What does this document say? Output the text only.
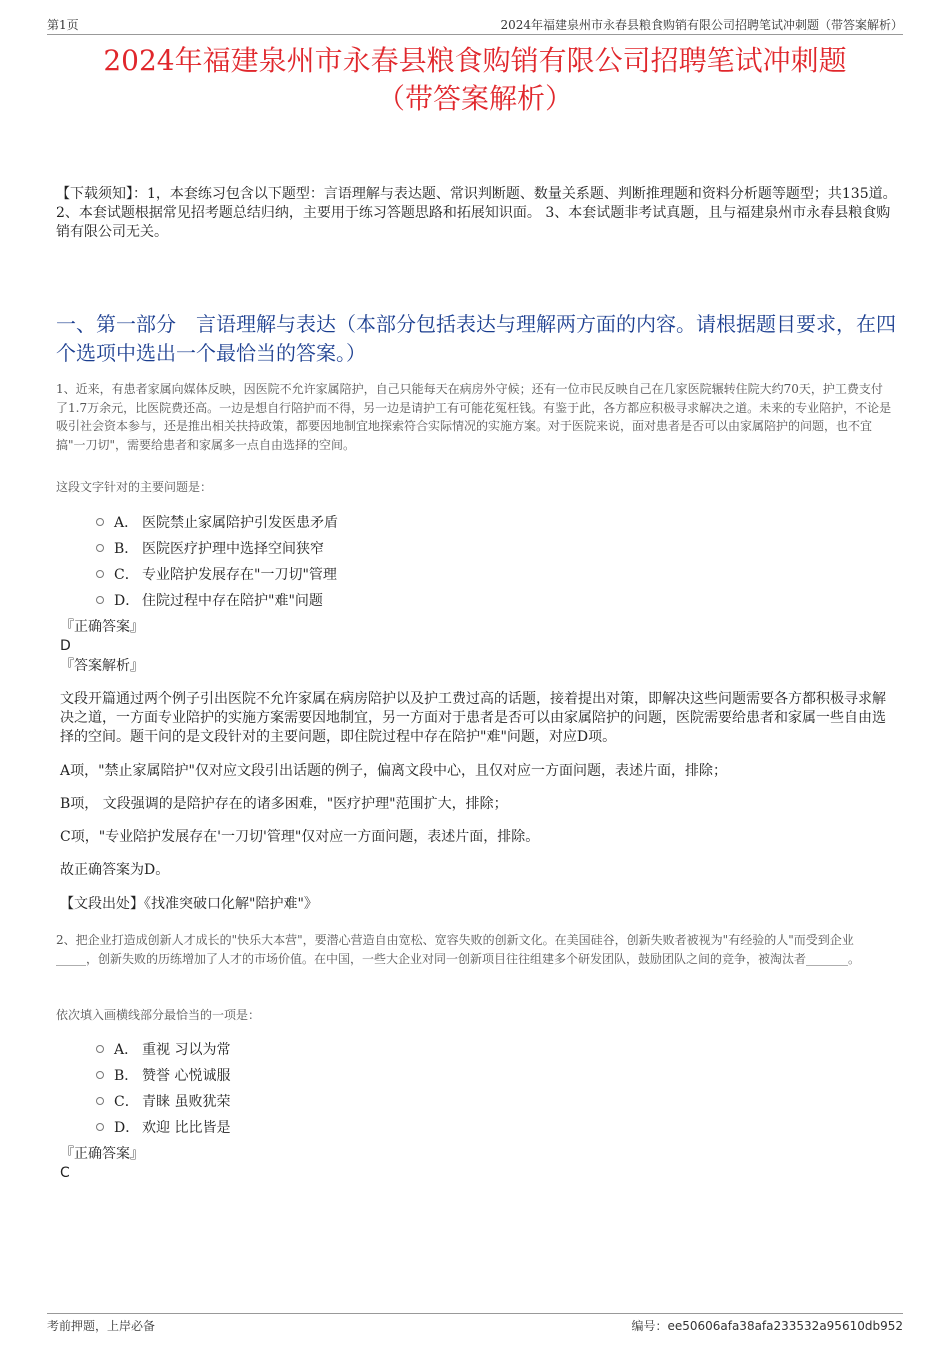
第1页	2024年福建泉州市永春县粮食购销有限公司招聘笔试冲刺题（带答案解析）
2024年福建泉州市永春县粮食购销有限公司招聘笔试冲刺题
（带答案解析）
【下载须知】：1，本套练习包含以下题型：言语理解与表达题、常识判断题、数量关系题、判断推理题和资料分析题等题型；共135道。 2、本套试题根据常见招考题总结归纳，主要用于练习答题思路和拓展知识面。 3、本套试题非考试真题，且与福建泉州市永春县粮食购销有限公司无关。
一、第一部分　言语理解与表达（本部分包括表达与理解两方面的内容。请根据题目要求，在四个选项中选出一个最恰当的答案。）
1、近来，有患者家属向媒体反映，因医院不允许家属陪护，自己只能每天在病房外守候；还有一位市民反映自己在几家医院辗转住院大约70天，护工费支付了1.7万余元，比医院费还高。一边是想自行陪护而不得，另一边是请护工有可能花冤枉钱。有鉴于此，各方都应积极寻求解决之道。未来的专业陪护，不论是吸引社会资本参与，还是推出相关扶持政策，都要因地制宜地探索符合实际情况的实施方案。对于医院来说，面对患者是否可以由家属陪护的问题，也不宜搞"一刀切"，需要给患者和家属多一点自由选择的空间。
这段文字针对的主要问题是：
A． 医院禁止家属陪护引发医患矛盾
B． 医院医疗护理中选择空间狭窄
C． 专业陪护发展存在"一刀切"管理
D． 住院过程中存在陪护"难"问题
『正确答案』
D
『答案解析』
文段开篇通过两个例子引出医院不允许家属在病房陪护以及护工费过高的话题，接着提出对策，即解决这些问题需要各方都积极寻求解决之道，一方面专业陪护的实施方案需要因地制宜，另一方面对于患者是否可以由家属陪护的问题，医院需要给患者和家属一些自由选择的空间。题干问的是文段针对的主要问题，即住院过程中存在陪护"难"问题，对应D项。
A项，"禁止家属陪护"仅对应文段引出话题的例子，偏离文段中心，且仅对应一方面问题，表述片面，排除；
B项， 文段强调的是陪护存在的诸多困难，"医疗护理"范围扩大，排除；
C项，"专业陪护发展存在'一刀切'管理"仅对应一方面问题，表述片面，排除。
故正确答案为D。
【文段出处】《找准突破口化解"陪护难"》
2、把企业打造成创新人才成长的"快乐大本营"，要潜心营造自由宽松、宽容失败的创新文化。在美国硅谷，创新失败者被视为"有经验的人"而受到企业_____，创新失败的历练增加了人才的市场价值。在中国，一些大企业对同一创新项目往往组建多个研发团队，鼓励团队之间的竞争，被淘汰者_______。
依次填入画横线部分最恰当的一项是：
A． 重视 习以为常
B． 赞誉 心悦诚服
C． 青睐 虽败犹荣
D． 欢迎 比比皆是
『正确答案』
C
考前押题，上岸必备	编号：ee50606afa38afa233532a95610db952
